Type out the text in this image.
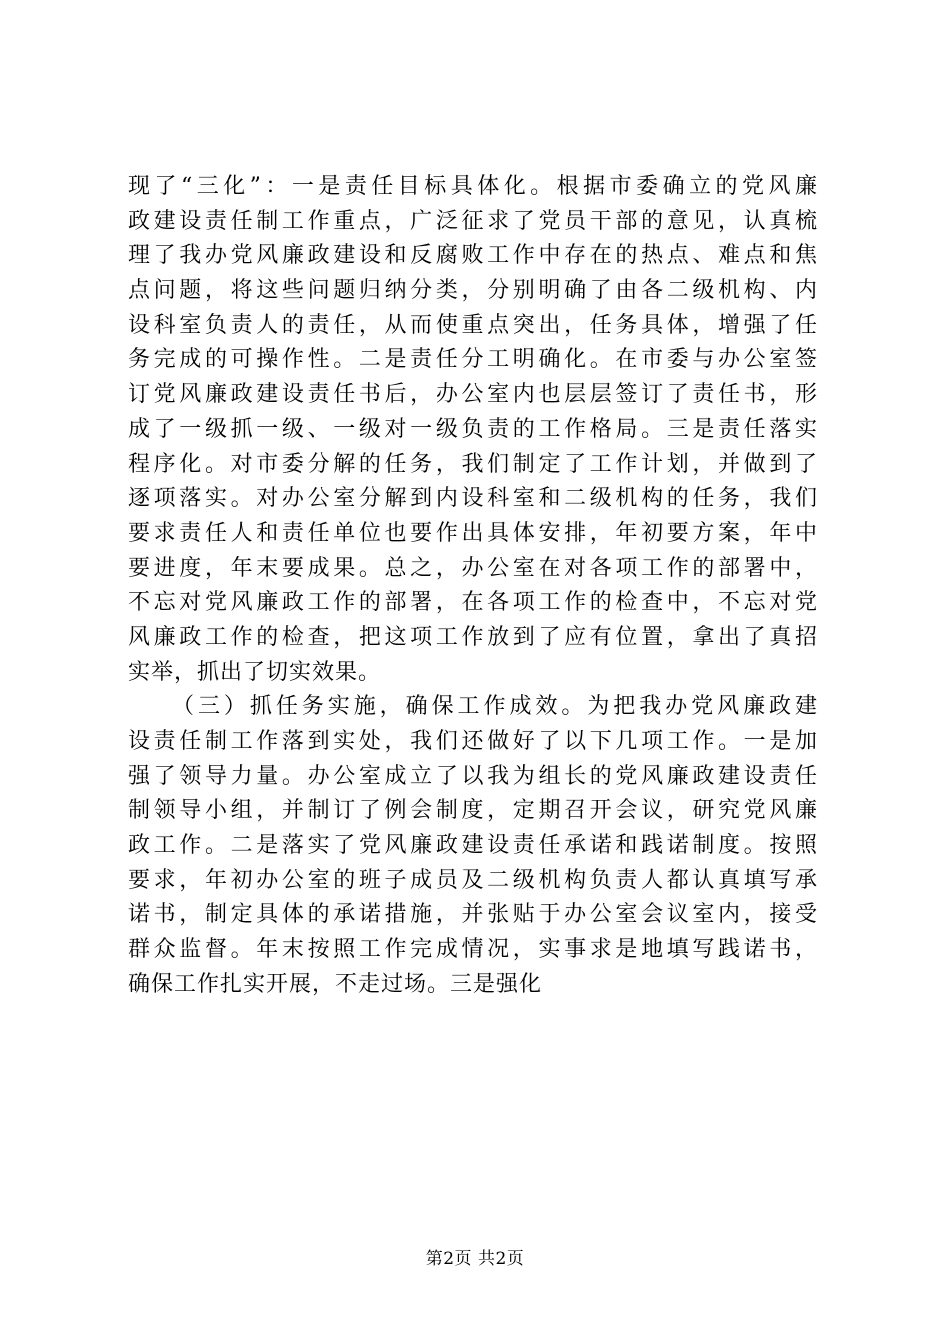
现了“三化”：一是责任目标具体化。根据市委确立的党风廉
政建设责任制工作重点，广泛征求了党员干部的意见，认真梳
理了我办党风廉政建设和反腐败工作中存在的热点、难点和焦
点问题，将这些问题归纳分类，分别明确了由各二级机构、内
设科室负责人的责任，从而使重点突出，任务具体，增强了任
务完成的可操作性。二是责任分工明确化。在市委与办公室签
订党风廉政建设责任书后，办公室内也层层签订了责任书，形
成了一级抓一级、一级对一级负责的工作格局。三是责任落实
程序化。对市委分解的任务，我们制定了工作计划，并做到了
逐项落实。对办公室分解到内设科室和二级机构的任务，我们
要求责任人和责任单位也要作出具体安排，年初要方案，年中
要进度，年末要成果。总之，办公室在对各项工作的部署中，
不忘对党风廉政工作的部署，在各项工作的检查中，不忘对党
风廉政工作的检查，把这项工作放到了应有位置，拿出了真招
实举，抓出了切实效果。
（三）抓任务实施，确保工作成效。为把我办党风廉政建
设责任制工作落到实处，我们还做好了以下几项工作。一是加
强了领导力量。办公室成立了以我为组长的党风廉政建设责任
制领导小组，并制订了例会制度，定期召开会议，研究党风廉
政工作。二是落实了党风廉政建设责任承诺和践诺制度。按照
要求，年初办公室的班子成员及二级机构负责人都认真填写承
诺书，制定具体的承诺措施，并张贴于办公室会议室内，接受
群众监督。年末按照工作完成情况，实事求是地填写践诺书，
确保工作扎实开展，不走过场。三是强化
第2页 共2页
